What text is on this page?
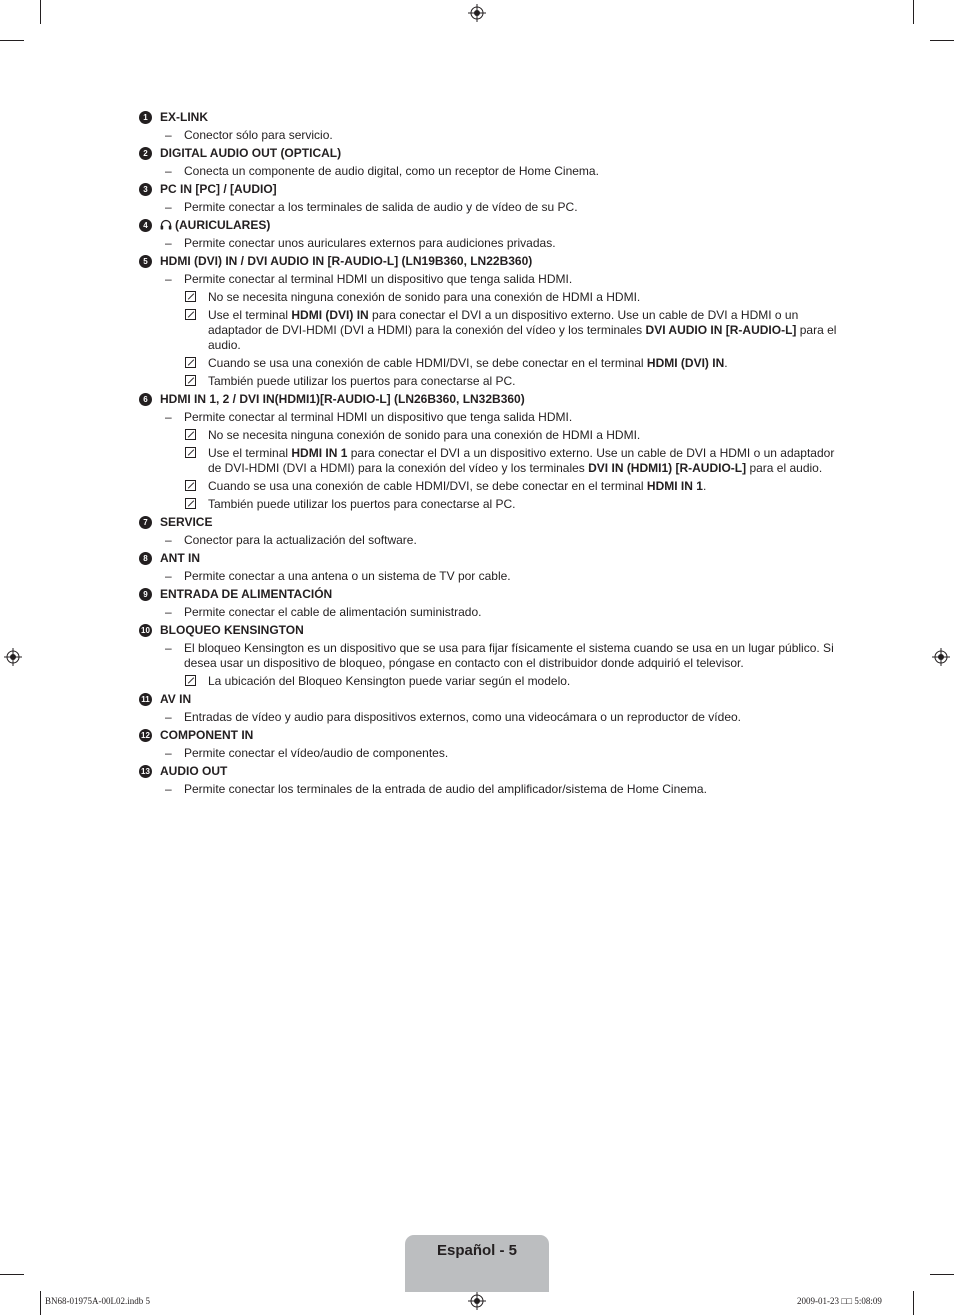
1	EX-LINK
– Conector sólo para servicio.
2	DIGITAL AUDIO OUT (OPTICAL)
– Conecta un componente de audio digital, como un receptor de Home Cinema.
3	PC IN [PC] / [AUDIO]
– Permite conectar a los terminales de salida de audio y de vídeo de su PC.
4	(AURICULARES)
– Permite conectar unos auriculares externos para audiciones privadas.
5	HDMI (DVI) IN / DVI AUDIO IN [R-AUDIO-L] (LN19B360, LN22B360)
– Permite conectar al terminal HDMI un dispositivo que tenga salida HDMI.
No se necesita ninguna conexión de sonido para una conexión de HDMI a HDMI.
Use el terminal HDMI (DVI) IN para conectar el DVI a un dispositivo externo. Use un cable de DVI a HDMI o un adaptador de DVI-HDMI (DVI a HDMI) para la conexión del vídeo y los terminales DVI AUDIO IN [R-AUDIO-L] para el audio.
Cuando se usa una conexión de cable HDMI/DVI, se debe conectar en el terminal HDMI (DVI) IN.
También puede utilizar los puertos para conectarse al PC.
6	HDMI IN 1, 2 / DVI IN(HDMI1)[R-AUDIO-L] (LN26B360, LN32B360)
– Permite conectar al terminal HDMI un dispositivo que tenga salida HDMI.
No se necesita ninguna conexión de sonido para una conexión de HDMI a HDMI.
Use el terminal HDMI IN 1 para conectar el DVI a un dispositivo externo. Use un cable de DVI a HDMI o un adaptador de DVI-HDMI (DVI a HDMI) para la conexión del vídeo y los terminales DVI IN (HDMI1) [R-AUDIO-L] para el audio.
Cuando se usa una conexión de cable HDMI/DVI, se debe conectar en el terminal HDMI IN 1.
También puede utilizar los puertos para conectarse al PC.
7	SERVICE
– Conector para la actualización del software.
8	ANT IN
– Permite conectar a una antena o un sistema de TV por cable.
9	ENTRADA DE ALIMENTACIÓN
– Permite conectar el cable de alimentación suministrado.
10 BLOQUEO KENSINGTON
– El bloqueo Kensington es un dispositivo que se usa para fijar físicamente el sistema cuando se usa en un lugar público. Si desea usar un dispositivo de bloqueo, póngase en contacto con el distribuidor donde adquirió el televisor.
La ubicación del Bloqueo Kensington puede variar según el modelo.
11 AV IN
– Entradas de vídeo y audio para dispositivos externos, como una videocámara o un reproductor de vídeo.
12 COMPONENT IN
– Permite conectar el vídeo/audio de componentes.
13 AUDIO OUT
– Permite conectar los terminales de la entrada de audio del amplificador/sistema de Home Cinema.
Español - 5
BN68-01975A-00L02.indb 5	2009-01-23 □□ 5:08:09
